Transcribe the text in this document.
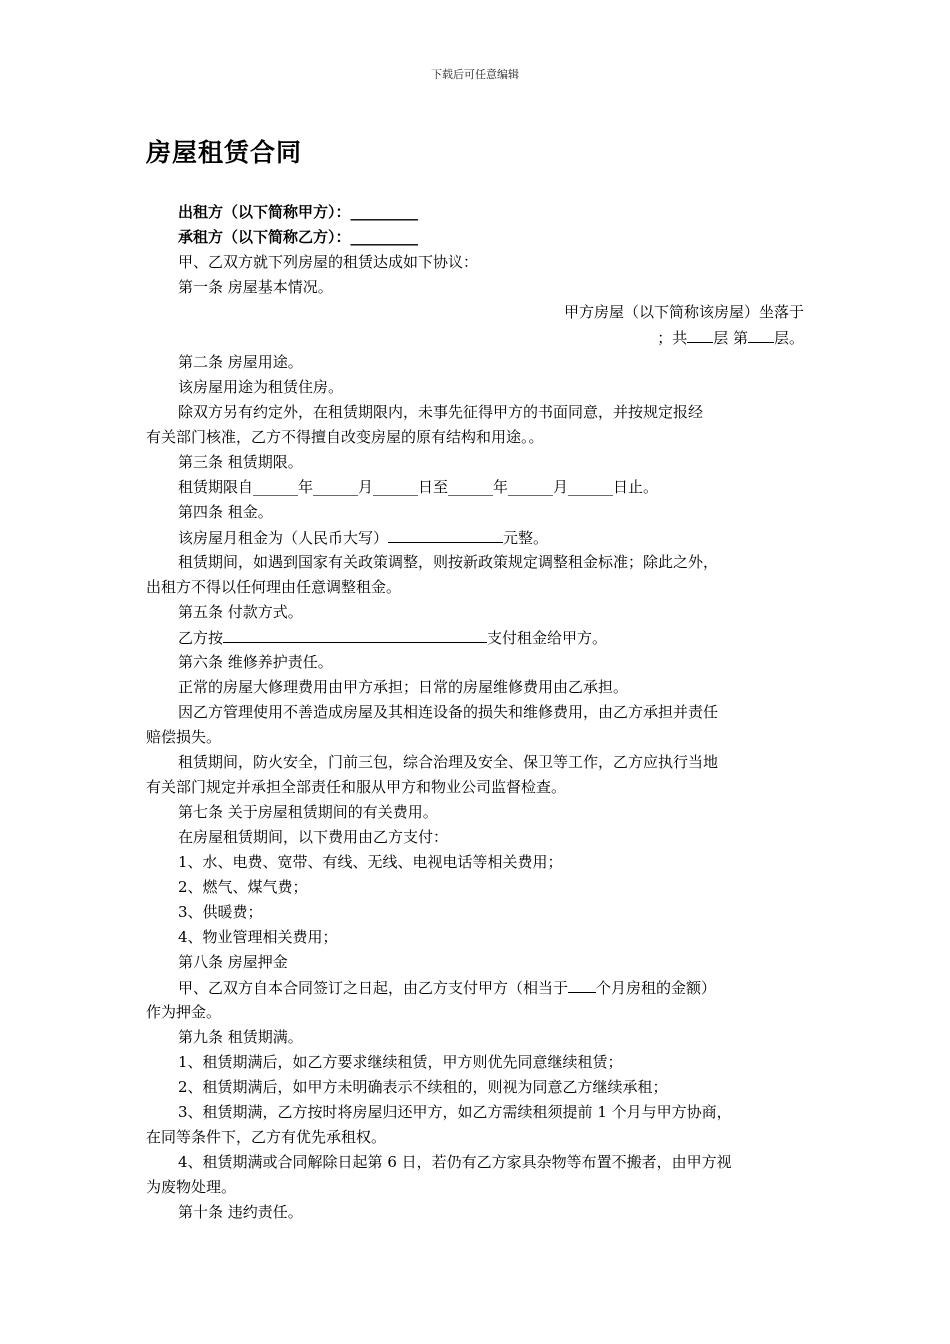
下载后可任意编辑
房屋租赁合同
出租方（以下简称甲方）：_________
承租方（以下简称乙方）：_________
甲、乙双方就下列房屋的租赁达成如下协议：
第一条 房屋基本情况。
甲方房屋（以下简称该房屋）坐落于
；共 层 第 层。
第二条 房屋用途。
该房屋用途为租赁住房。
除双方另有约定外，在租赁期限内，未事先征得甲方的书面同意，并按规定报经
有关部门核准，乙方不得擅自改变房屋的原有结构和用途。。
第三条 租赁期限。
租赁期限自______年______月______日至______年______月______日止。
第四条 租金。
该房屋月租金为（人民币大写）	元整。
租赁期间，如遇到国家有关政策调整，则按新政策规定调整租金标准；除此之外，
出租方不得以任何理由任意调整租金。
第五条 付款方式。
乙方按	支付租金给甲方。
第六条 维修养护责任。
正常的房屋大修理费用由甲方承担；日常的房屋维修费用由乙承担。
因乙方管理使用不善造成房屋及其相连设备的损失和维修费用，由乙方承担并责任
赔偿损失。
租赁期间，防火安全，门前三包，综合治理及安全、保卫等工作，乙方应执行当地
有关部门规定并承担全部责任和服从甲方和物业公司监督检查。
第七条 关于房屋租赁期间的有关费用。
在房屋租赁期间，以下费用由乙方支付：
1、水、电费、宽带、有线、无线、电视电话等相关费用；
2、燃气、煤气费；
3、供暖费；
4、物业管理相关费用；
第八条 房屋押金
甲、乙双方自本合同签订之日起，由乙方支付甲方（相当于 个月房租的金额）
作为押金。
第九条 租赁期满。
1、租赁期满后，如乙方要求继续租赁，甲方则优先同意继续租赁；
2、租赁期满后，如甲方未明确表示不续租的，则视为同意乙方继续承租；
3、租赁期满，乙方按时将房屋归还甲方，如乙方需续租须提前 1 个月与甲方协商，
在同等条件下，乙方有优先承租权。
4、租赁期满或合同解除日起第 6 日，若仍有乙方家具杂物等布置不搬者，由甲方视
为废物处理。
第十条 违约责任。
